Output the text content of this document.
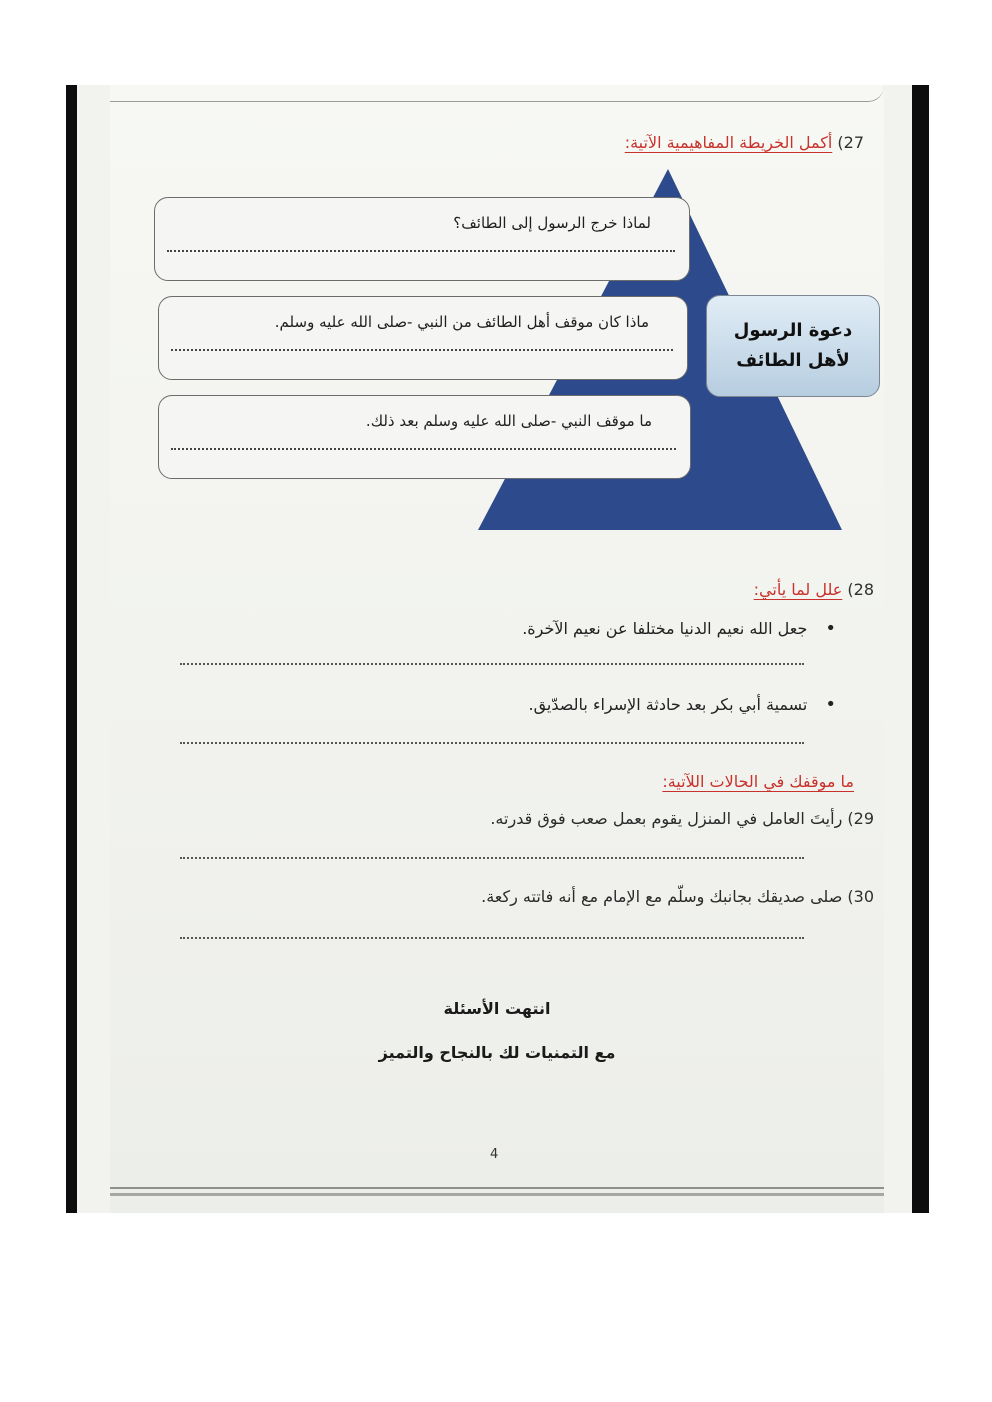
27) أكمل الخريطة المفاهيمية الآتية:
دعوة الرسول
لأهل الطائف
لماذا خرج الرسول إلى الطائف؟
ماذا كان موقف أهل الطائف من النبي -صلى الله عليه وسلم.
ما موقف النبي -صلى الله عليه وسلم بعد ذلك.
28) علل لما يأتي:
•جعل الله نعيم الدنيا مختلفا عن نعيم الآخرة.
•تسمية أبي بكر بعد حادثة الإسراء بالصدّيق.
ما موقفك في الحالات اللآتية:
29) رأيتَ العامل في المنزل يقوم بعمل صعب فوق قدرته.
30) صلى صديقك بجانبك وسلّم مع الإمام مع أنه فاتته ركعة.
انتهت الأسئلة
مع التمنيات لك بالنجاح والتميز
4
